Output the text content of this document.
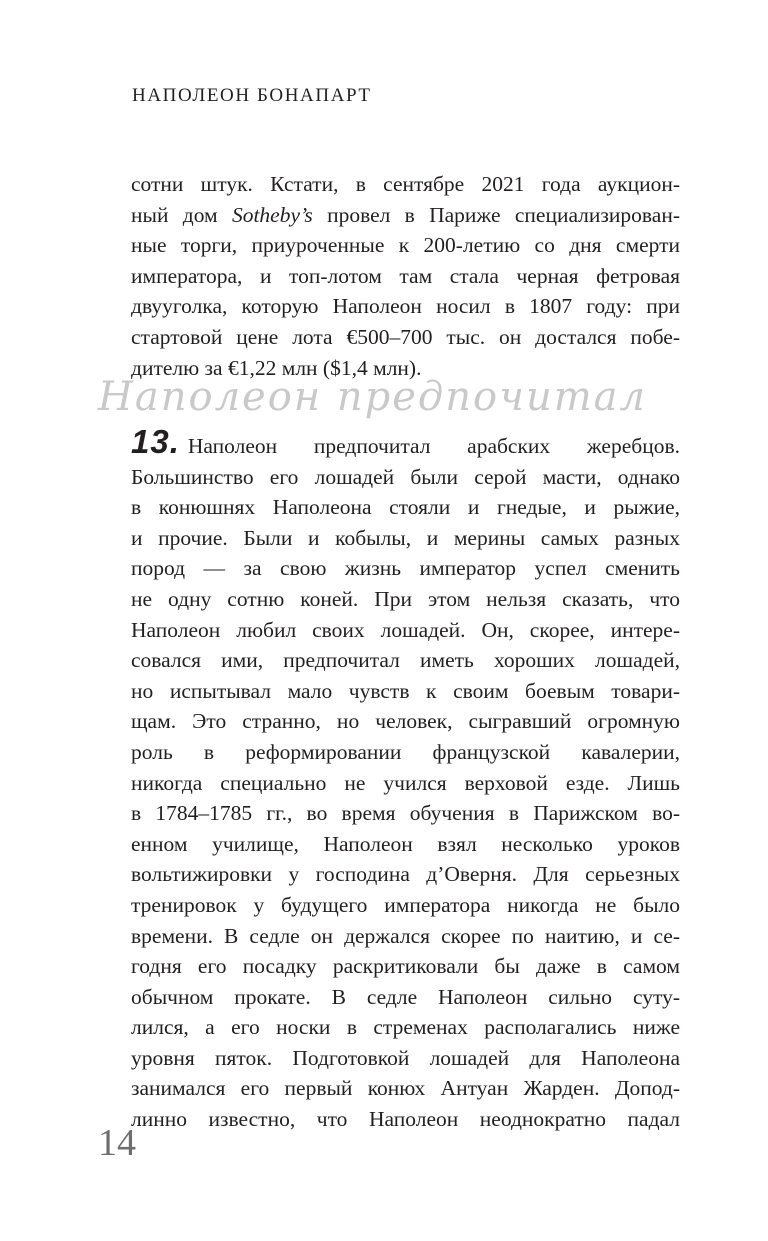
НАПОЛЕОН БОНАПАРТ
сотни штук. Кстати, в сентябре 2021 года аукцион-
ный дом Sotheby’s провел в Париже специализирован-
ные торги, приуроченные к 200-летию со дня смерти
императора, и топ-лотом там стала черная фетровая
двууголка, которую Наполеон носил в 1807 году: при
стартовой цене лота €500–700 тыс. он достался побе-
дителю за €1,22 млн ($1,4 млн).
Наполеон предпочитал
13. Наполеон предпочитал арабских жеребцов.
Большинство его лошадей были серой масти, однако
в конюшнях Наполеона стояли и гнедые, и рыжие,
и прочие. Были и кобылы, и мерины самых разных
пород — за свою жизнь император успел сменить
не одну сотню коней. При этом нельзя сказать, что
Наполеон любил своих лошадей. Он, скорее, интере-
совался ими, предпочитал иметь хороших лошадей,
но испытывал мало чувств к своим боевым товари-
щам. Это странно, но человек, сыгравший огромную
роль в реформировании французской кавалерии,
никогда специально не учился верховой езде. Лишь
в 1784–1785 гг., во время обучения в Парижском во-
енном училище, Наполеон взял несколько уроков
вольтижировки у господина д’Оверня. Для серьезных
тренировок у будущего императора никогда не было
времени. В седле он держался скорее по наитию, и се-
годня его посадку раскритиковали бы даже в самом
обычном прокате. В седле Наполеон сильно суту-
лился, а его носки в стременах располагались ниже
уровня пяток. Подготовкой лошадей для Наполеона
занимался его первый конюх Антуан Жарден. Допод-
линно известно, что Наполеон неоднократно падал
14
